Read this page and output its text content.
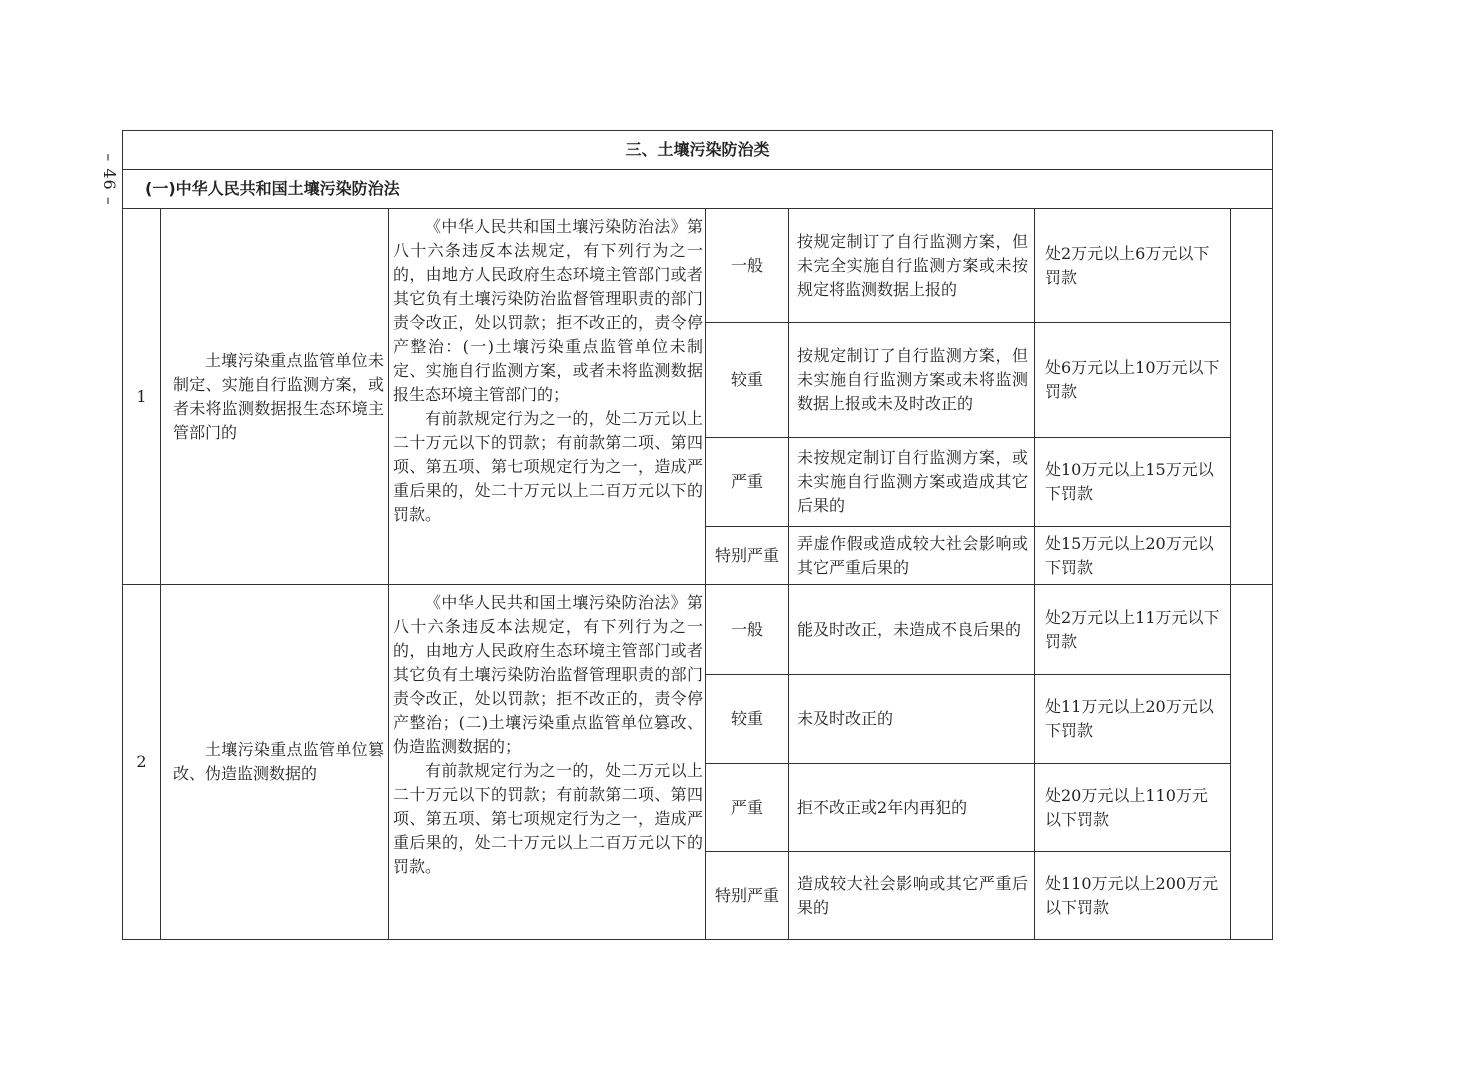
– 46 –
三、土壤污染防治类						
(一)中华人民共和国土壤污染防治法						
1	土壤污染重点监管单位未制定、实施自行监测方案，或者未将监测数据报生态环境主管部门的	《中华人民共和国土壤污染防治法》第八十六条违反本法规定，有下列行为之一的，由地方人民政府生态环境主管部门或者其它负有土壤污染防治监督管理职责的部门责令改正，处以罚款；拒不改正的，责令停产整治：(一)土壤污染重点监管单位未制定、实施自行监测方案，或者未将监测数据报生态环境主管部门的；

有前款规定行为之一的，处二万元以上二十万元以下的罚款；有前款第二项、第四项、第五项、第七项规定行为之一，造成严重后果的，处二十万元以上二百万元以下的罚款。	一般	按规定制订了自行监测方案，但未完全实施自行监测方案或未按规定将监测数据上报的	处2万元以上6万元以下罚款	
			较重	按规定制订了自行监测方案，但未实施自行监测方案或未将监测数据上报或未及时改正的	处6万元以上10万元以下罚款	
			严重	未按规定制订自行监测方案，或未实施自行监测方案或造成其它后果的	处10万元以上15万元以下罚款	
			特别严重	弄虚作假或造成较大社会影响或其它严重后果的	处15万元以上20万元以下罚款	
2	土壤污染重点监管单位篡改、伪造监测数据的	《中华人民共和国土壤污染防治法》第八十六条违反本法规定，有下列行为之一的，由地方人民政府生态环境主管部门或者其它负有土壤污染防治监督管理职责的部门责令改正，处以罚款；拒不改正的，责令停产整治；(二)土壤污染重点监管单位篡改、伪造监测数据的；

有前款规定行为之一的，处二万元以上二十万元以下的罚款；有前款第二项、第四项、第五项、第七项规定行为之一，造成严重后果的，处二十万元以上二百万元以下的罚款。	一般	能及时改正，未造成不良后果的	处2万元以上11万元以下罚款	
			较重	未及时改正的	处11万元以上20万元以下罚款	
			严重	拒不改正或2年内再犯的	处20万元以上110万元以下罚款	
			特别严重	造成较大社会影响或其它严重后果的	处110万元以上200万元以下罚款	
